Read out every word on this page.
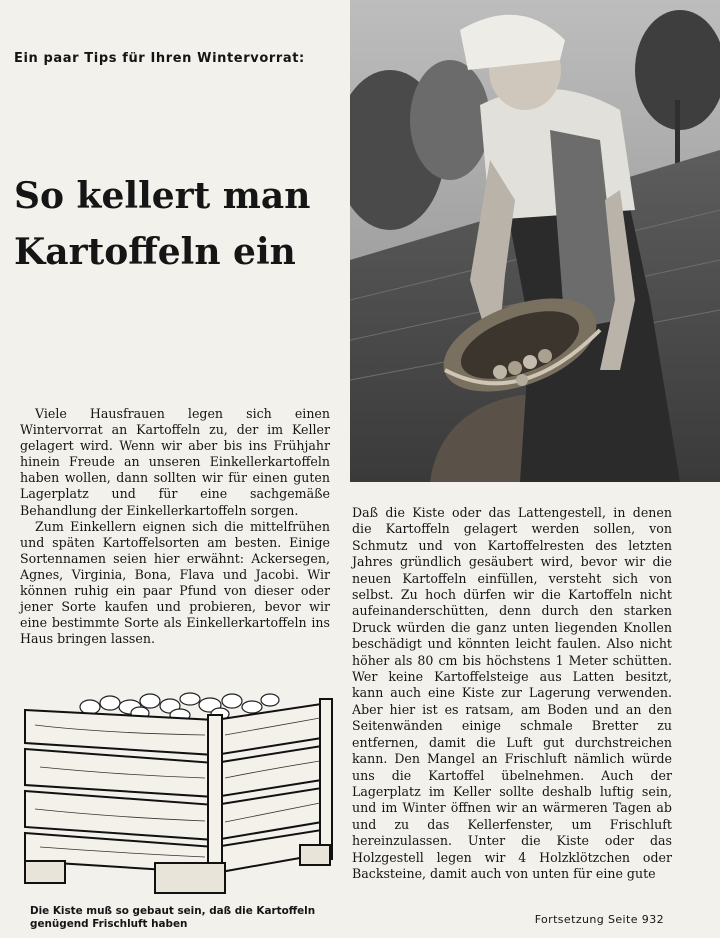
Ein paar Tips für Ihren Wintervorrat:
So kellert man
Kartoffeln ein

Viele Hausfrauen legen sich einen Wintervorrat an Kartoffeln zu, der im Keller gelagert wird. Wenn wir aber bis ins Frühjahr hinein Freude an unseren Einkellerkartoffeln haben wollen, dann sollten wir für einen guten Lagerplatz und für eine sachgemäße Behandlung der Einkellerkartoffeln sorgen.

Zum Einkellern eignen sich die mittelfrühen und späten Kartoffelsorten am besten. Einige Sortennamen seien hier erwähnt: Ackersegen, Agnes, Virginia, Bona, Flava und Jacobi. Wir können ruhig ein paar Pfund von dieser oder jener Sorte kaufen und probieren, bevor wir eine bestimmte Sorte als Einkellerkartoffeln ins Haus bringen lassen.

Die Kiste muß so gebaut sein, daß die Kartoffeln genügend Frischluft haben

Daß die Kiste oder das Lattengestell, in denen die Kartoffeln gelagert werden sollen, von Schmutz und von Kartoffelresten des letzten Jahres gründlich gesäubert wird, bevor wir die neuen Kartoffeln einfüllen, versteht sich von selbst. Zu hoch dürfen wir die Kartoffeln nicht aufeinanderschütten, denn durch den starken Druck würden die ganz unten liegenden Knollen beschädigt und könnten leicht faulen. Also nicht höher als 80 cm bis höchstens 1 Meter schütten. Wer keine Kartoffelsteige aus Latten besitzt, kann auch eine Kiste zur Lagerung verwenden. Aber hier ist es ratsam, am Boden und an den Seitenwänden einige schmale Bretter zu entfernen, damit die Luft gut durchstreichen kann. Den Mangel an Frischluft nämlich würde uns die Kartoffel übelnehmen. Auch der Lagerplatz im Keller sollte deshalb luftig sein, und im Winter öffnen wir an wärmeren Tagen ab und zu das Kellerfenster, um Frischluft hereinzulassen. Unter die Kiste oder das Holzgestell legen wir 4 Holzklötzchen oder Backsteine, damit auch von unten für eine gute

Fortsetzung Seite 932
